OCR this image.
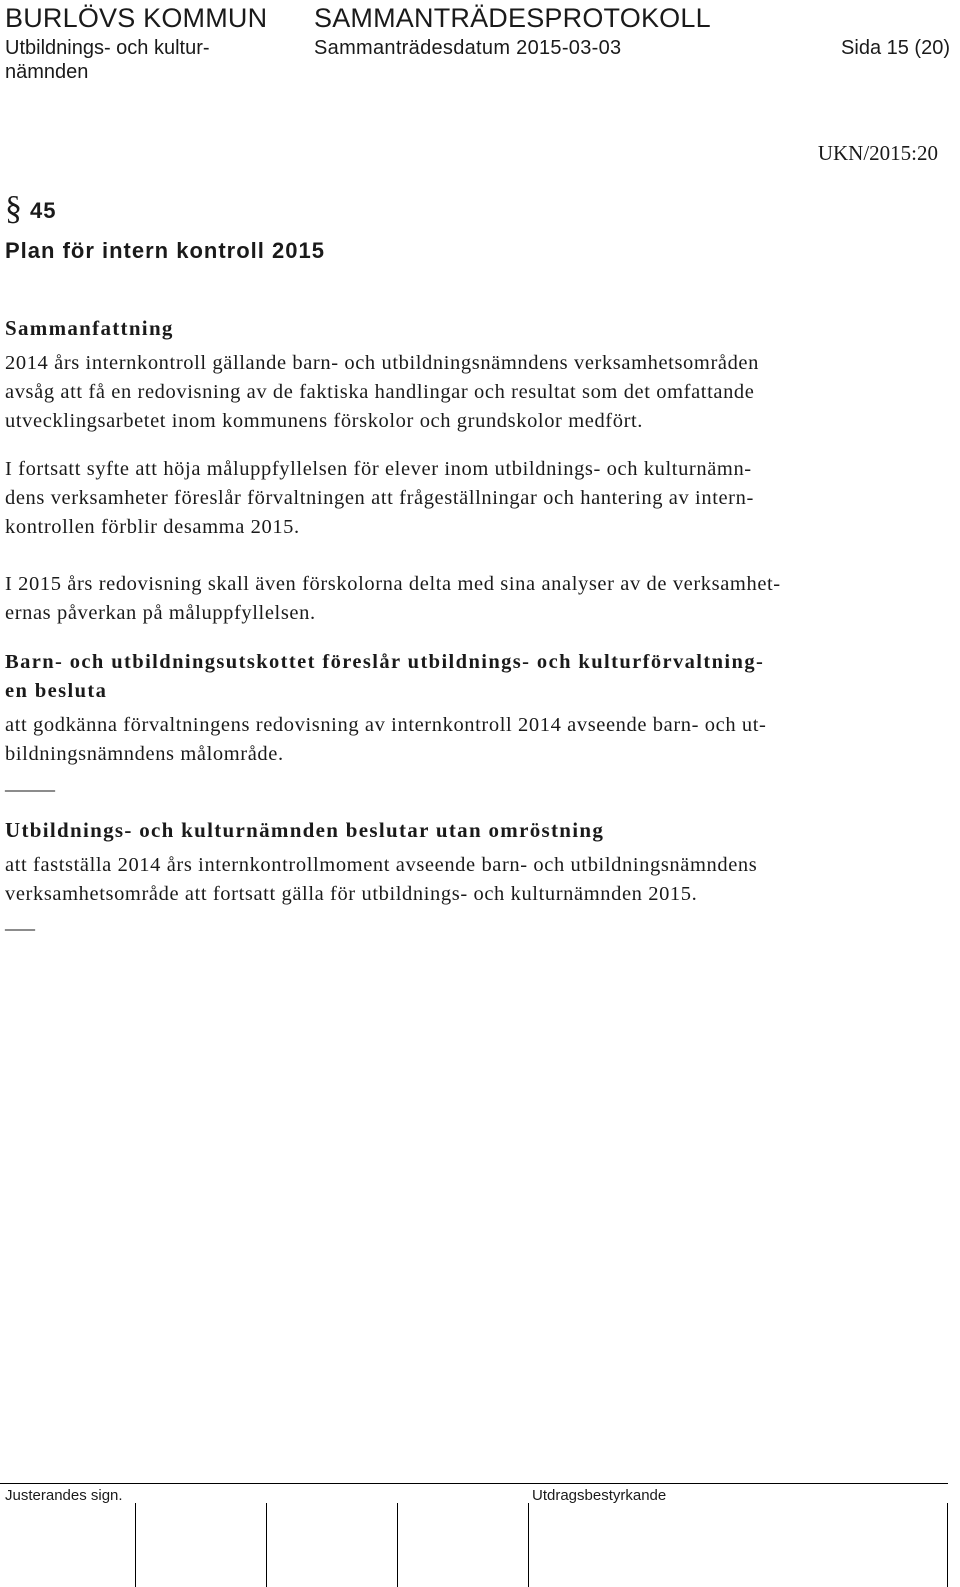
BURLÖVS KOMMUN SAMMANTRÄDESPROTOKOLL
Utbildnings- och kultur-
nämnden
Sammanträdesdatum 2015-03-03	Sida 15 (20)
UKN/2015:20
§ 45
Plan för intern kontroll 2015
Sammanfattning

2014 års internkontroll gällande barn- och utbildningsnämndens verksamhetsområden

avsåg att få en redovisning av de faktiska handlingar och resultat som det omfattande

utvecklingsarbetet inom kommunens förskolor och grundskolor medfört.

I fortsatt syfte att höja måluppfyllelsen för elever inom utbildnings- och kulturnämn-

dens verksamheter föreslår förvaltningen att frågeställningar och hantering av intern-

kontrollen förblir desamma 2015.

I 2015 års redovisning skall även förskolorna delta med sina analyser av de verksamhet-

ernas påverkan på måluppfyllelsen.

Barn- och utbildningsutskottet föreslår utbildnings- och kulturförvaltning-

en besluta

att godkänna förvaltningens redovisning av internkontroll 2014 avseende barn- och ut-

bildningsnämndens målområde.

_____
Utbildnings- och kulturnämnden beslutar utan omröstning

att fastställa 2014 års internkontrollmoment avseende barn- och utbildningsnämndens

verksamhetsområde att fortsatt gälla för utbildnings- och kulturnämnden 2015.

___
Justerandes sign.	Utdragsbestyrkande
